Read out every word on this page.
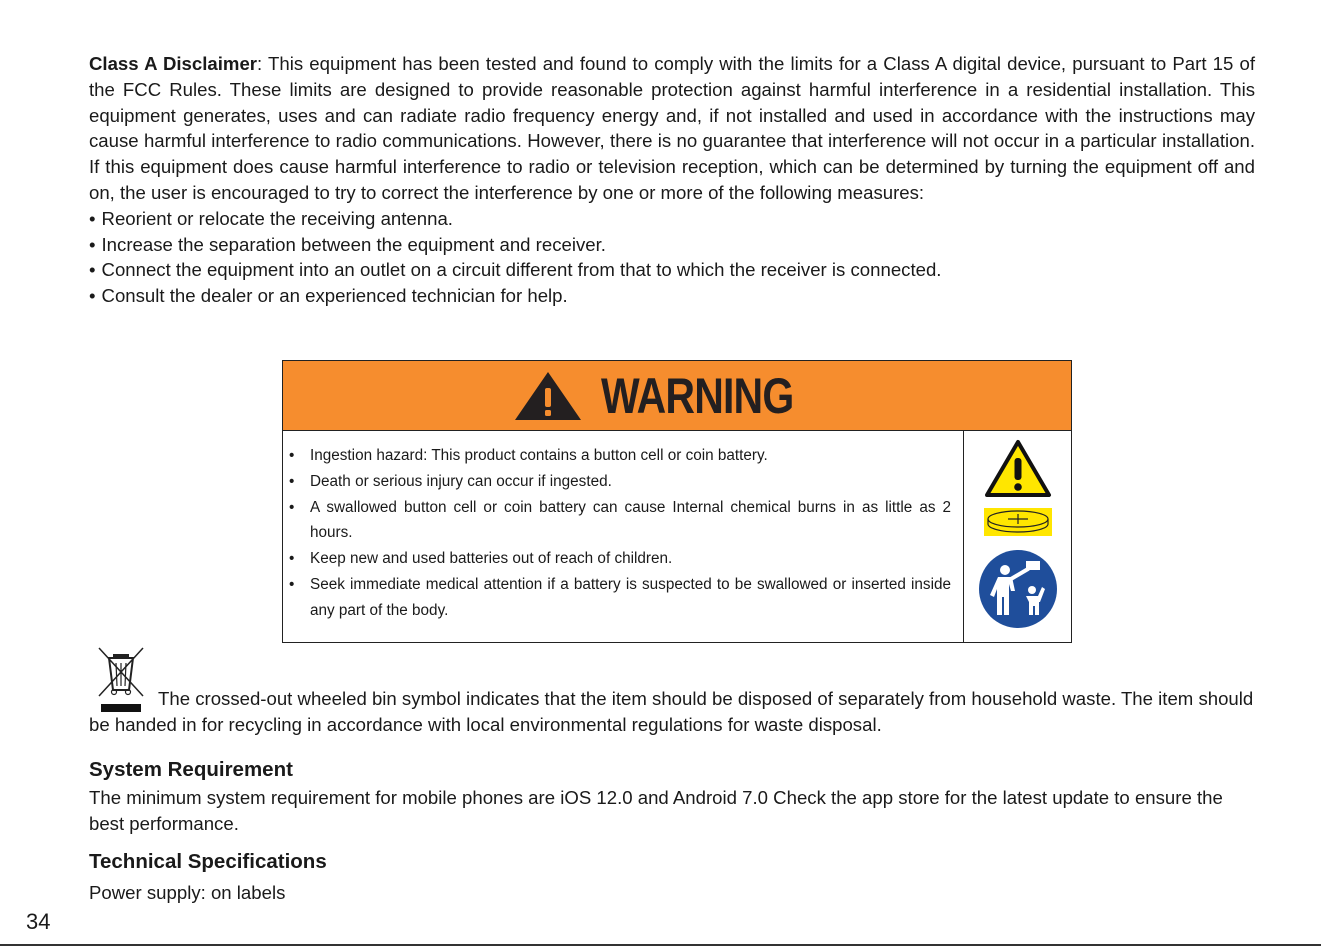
Class A Disclaimer: This equipment has been tested and found to comply with the limits for a Class A digital device, pursuant to Part 15 of the FCC Rules. These limits are designed to provide reasonable protection against harmful interference in a residential installation. This equipment generates, uses and can radiate radio frequency energy and, if not installed and used in accordance with the instructions may cause harmful interference to radio communications. However, there is no guarantee that interference will not occur in a particular installation. If this equipment does cause harmful interference to radio or television reception, which can be determined by turning the equipment off and on, the user is encouraged to try to correct the interference by one or more of the following measures:

• Reorient or relocate the receiving antenna.
• Increase the separation between the equipment and receiver.
• Connect the equipment into an outlet on a circuit different from that to which the receiver is connected.
• Consult the dealer or an experienced technician for help.
WARNING
• Ingestion hazard: This product contains a button cell or coin battery.
• Death or serious injury can occur if ingested.
• A swallowed button cell or coin battery can cause Internal chemical burns in as little as 2 hours.
• Keep new and used batteries out of reach of children.
• Seek immediate medical attention if a battery is suspected to be swallowed or inserted inside any part of the body.

The crossed-out wheeled bin symbol indicates that the item should be disposed of separately from household waste. The item should be handed in for recycling in accordance with local environmental regulations for waste disposal.

System Requirement

The minimum system requirement for mobile phones are iOS 12.0 and Android 7.0 Check the app store for the latest update to ensure the best performance.

Technical Specifications

Power supply: on labels

34
